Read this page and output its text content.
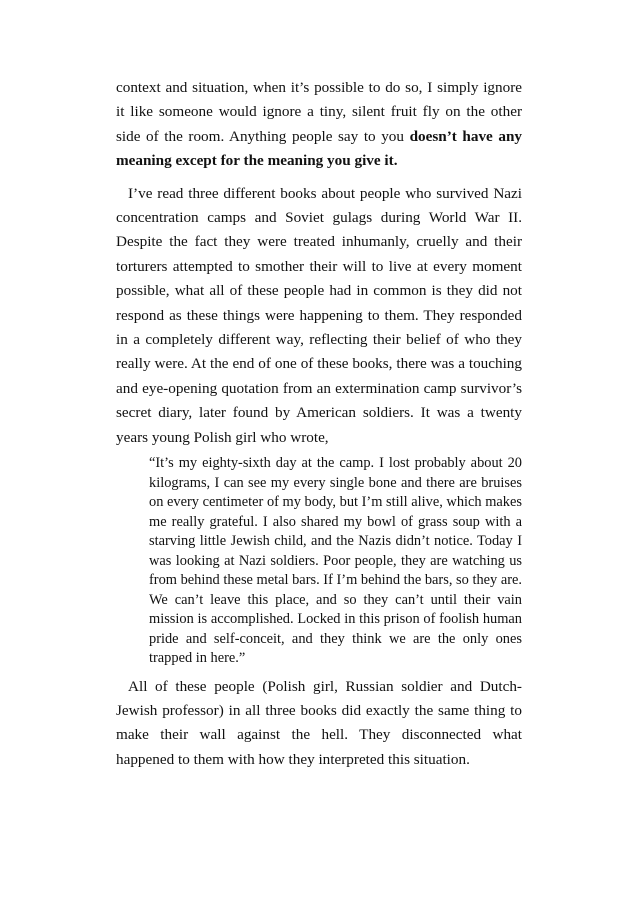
context and situation, when it’s possible to do so, I simply ignore it like someone would ignore a tiny, silent fruit fly on the other side of the room. Anything people say to you doesn’t have any meaning except for the meaning you give it.

I’ve read three different books about people who survived Nazi concentration camps and Soviet gulags during World War II. Despite the fact they were treated inhumanly, cruelly and their torturers attempted to smother their will to live at every moment possible, what all of these people had in common is they did not respond as these things were happening to them. They responded in a completely different way, reflecting their belief of who they really were. At the end of one of these books, there was a touching and eye-opening quotation from an extermination camp survivor’s secret diary, later found by American soldiers. It was a twenty years young Polish girl who wrote,

“It’s my eighty-sixth day at the camp. I lost probably about 20 kilograms, I can see my every single bone and there are bruises on every centimeter of my body, but I’m still alive, which makes me really grateful. I also shared my bowl of grass soup with a starving little Jewish child, and the Nazis didn’t notice. Today I was looking at Nazi soldiers. Poor people, they are watching us from behind these metal bars. If I’m behind the bars, so they are. We can’t leave this place, and so they can’t until their vain mission is accomplished. Locked in this prison of foolish human pride and self-conceit, and they think we are the only ones trapped in here.”

All of these people (Polish girl, Russian soldier and Dutch-Jewish professor) in all three books did exactly the same thing to make their wall against the hell. They disconnected what happened to them with how they interpreted this situation.
